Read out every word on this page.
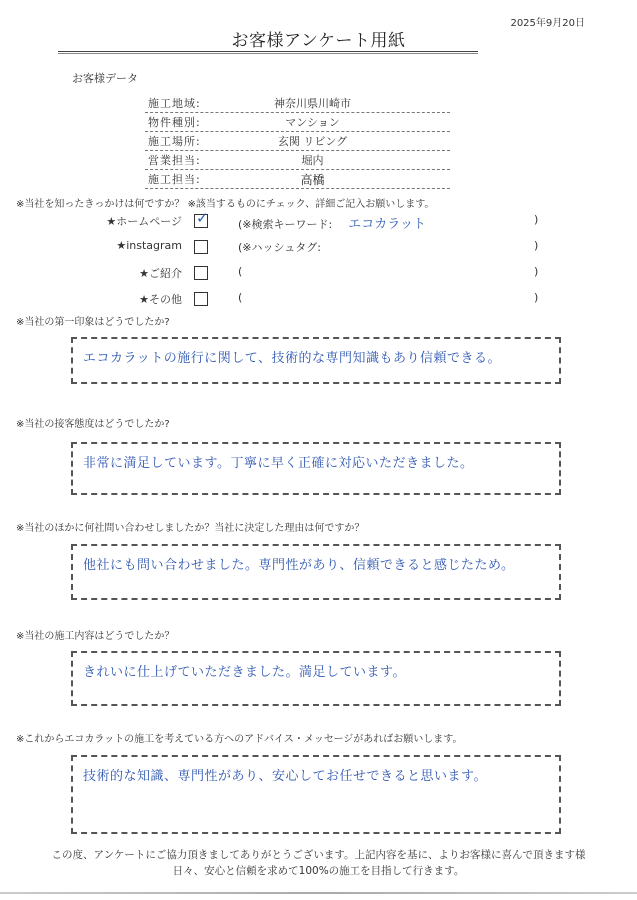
2025年9月20日
お客様アンケート用紙
お客様データ
施工地域:	神奈川県川崎市
物件種別:	マンション
施工場所:	玄関 リビング
営業担当:	堀内
施工担当:	高橋
※当社を知ったきっかけは何ですか？ ※該当するものにチェック、詳細ご記入お願いします。
★ホームページ ✓	(※検索キーワード: エコカラット	)
★instagram	(※ハッシュタグ:	)
★ご紹介	(	)
★その他	(	)
※当社の第一印象はどうでしたか?
エコカラットの施行に関して、技術的な専門知識もあり信頼できる。
※当社の接客態度はどうでしたか?
非常に満足しています。丁寧に早く正確に対応いただきました。
※当社のほかに何社問い合わせしましたか？当社に決定した理由は何ですか？
他社にも問い合わせました。専門性があり、信頼できると感じたため。
※当社の施工内容はどうでしたか？
きれいに仕上げていただきました。満足しています。
※これからエコカラットの施工を考えている方へのアドバイス・メッセージがあればお願いします。
技術的な知識、専門性があり、安心してお任せできると思います。
この度、アンケートにご協力頂きましてありがとうございます。上記内容を基に、よりお客様に喜んで頂きます様
日々、安心と信頼を求めて100%の施工を目指して行きます。
